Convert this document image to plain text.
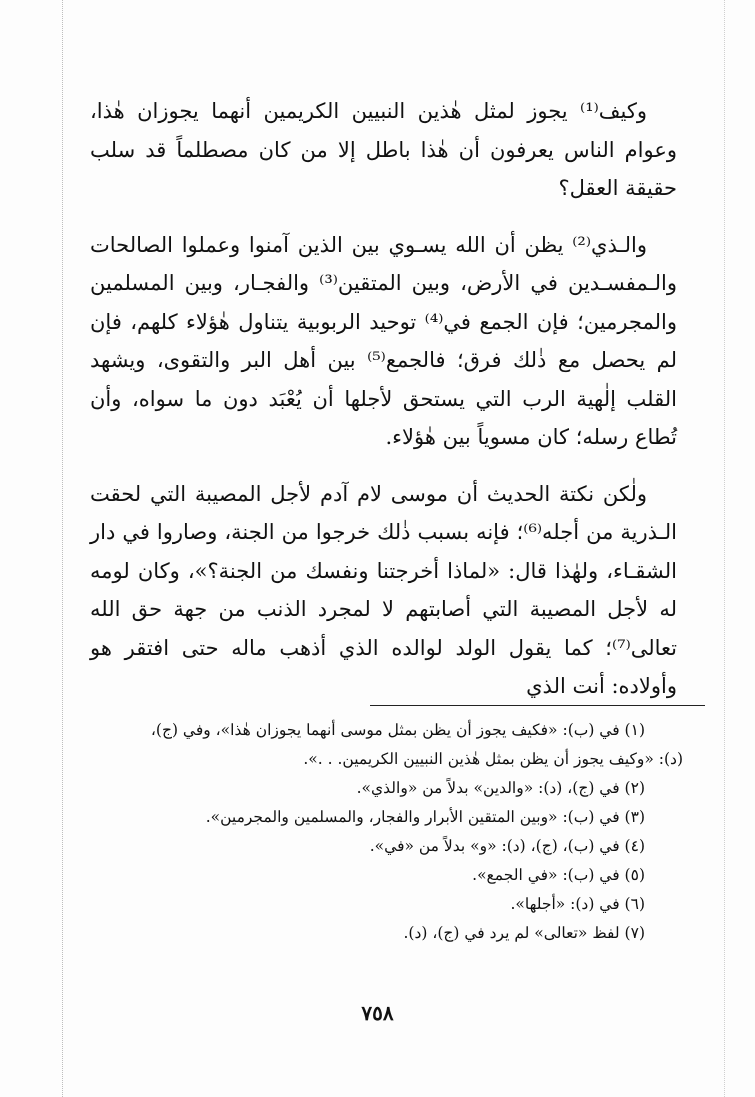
وكيف⁽¹⁾ يجوز لمثل هٰذين النبيين الكريمين أنهما يجوزان هٰذا، وعوام الناس يعرفون أن هٰذا باطل إلا من كان مصطلماً قد سلب حقيقة العقل؟

والـذي⁽²⁾ يظن أن الله يسـوي بين الذين آمنوا وعملوا الصالحات والـمفسـدين في الأرض، وبين المتقين⁽³⁾ والفجـار، وبين المسلمين والمجرمين؛ فإن الجمع في⁽⁴⁾ توحيد الربوبية يتناول هٰؤلاء كلهم، فإن لم يحصل مع ذٰلك فرق؛ فالجمع⁽⁵⁾ بين أهل البر والتقوى، ويشهد القلب إلٰهية الرب التي يستحق لأجلها أن يُعْبَد دون ما سواه، وأن تُطاع رسله؛ كان مسوياً بين هٰؤلاء.

ولٰكن نكتة الحديث أن موسى لام آدم لأجل المصيبة التي لحقت الـذرية من أجله⁽⁶⁾؛ فإنه بسبب ذٰلك خرجوا من الجنة، وصاروا في دار الشقـاء، ولهٰذا قال: «لماذا أخرجتنا ونفسك من الجنة؟»، وكان لومه له لأجل المصيبة التي أصابتهم لا لمجرد الذنب من جهة حق الله تعالى⁽⁷⁾؛ كما يقول الولد لوالده الذي أذهب ماله حتى افتقر هو وأولاده: أنت الذي

(١) في (ب): «فكيف يجوز أن يظن بمثل موسى أنهما يجوزان هٰذا»، وفي (ج)،
(د): «وكيف يجوز أن يظن بمثل هٰذين النبيين الكريمين. . .».
(٢) في (ج)، (د): «والدين» بدلاً من «والذي».
(٣) في (ب): «وبين المتقين الأبرار والفجار، والمسلمين والمجرمين».
(٤) في (ب)، (ج)، (د): «و» بدلاً من «في».
(٥) في (ب): «في الجمع».
(٦) في (د): «أجلها».
(٧) لفظ «تعالى» لم يرد في (ج)، (د).
٧٥٨
